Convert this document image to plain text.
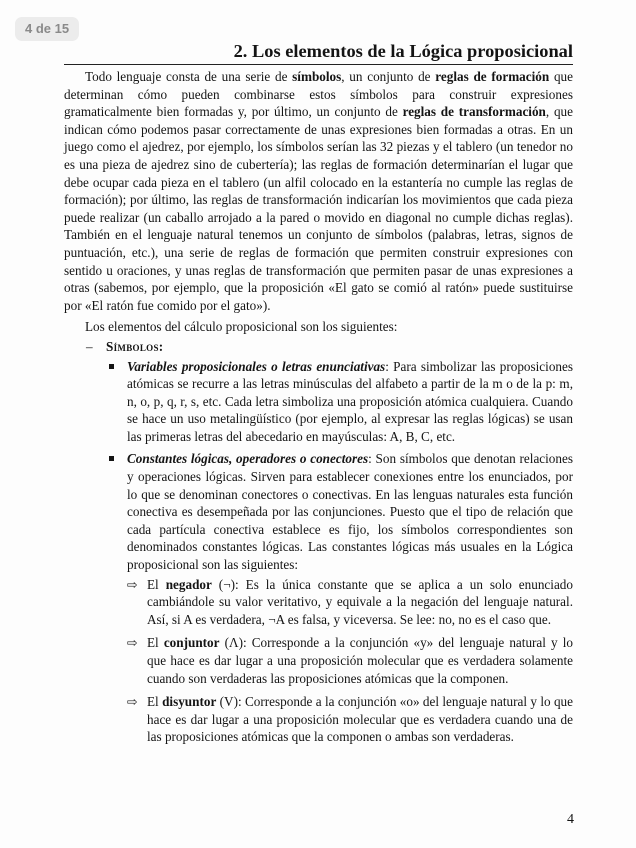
4 de 15
2. Los elementos de la Lógica proposicional

Todo lenguaje consta de una serie de símbolos, un conjunto de reglas de formación que determinan cómo pueden combinarse estos símbolos para construir expresiones gramaticalmente bien formadas y, por último, un conjunto de reglas de transformación, que indican cómo podemos pasar correctamente de unas expresiones bien formadas a otras. En un juego como el ajedrez, por ejemplo, los símbolos serían las 32 piezas y el tablero (un tenedor no es una pieza de ajedrez sino de cubertería); las reglas de formación determinarían el lugar que debe ocupar cada pieza en el tablero (un alfil colocado en la estantería no cumple las reglas de formación); por último, las reglas de transformación indicarían los movimientos que cada pieza puede realizar (un caballo arrojado a la pared o movido en diagonal no cumple dichas reglas). También en el lenguaje natural tenemos un conjunto de símbolos (palabras, letras, signos de puntuación, etc.), una serie de reglas de formación que permiten construir expresiones con sentido u oraciones, y unas reglas de transformación que permiten pasar de unas expresiones a otras (sabemos, por ejemplo, que la proposición «El gato se comió al ratón» puede sustituirse por «El ratón fue comido por el gato»).

Los elementos del cálculo proposicional son los siguientes:

– Símbolos:
Variables proposicionales o letras enunciativas: Para simbolizar las proposiciones atómicas se recurre a las letras minúsculas del alfabeto a partir de la m o de la p: m, n, o, p, q, r, s, etc. Cada letra simboliza una proposición atómica cualquiera. Cuando se hace un uso metalingüístico (por ejemplo, al expresar las reglas lógicas) se usan las primeras letras del abecedario en mayúsculas: A, B, C, etc.
Constantes lógicas, operadores o conectores: Son símbolos que denotan relaciones y operaciones lógicas. Sirven para establecer conexiones entre los enunciados, por lo que se denominan conectores o conectivas. En las lenguas naturales esta función conectiva es desempeñada por las conjunciones. Puesto que el tipo de relación que cada partícula conectiva establece es fijo, los símbolos correspondientes son denominados constantes lógicas. Las constantes lógicas más usuales en la Lógica proposicional son las siguientes:
⇨ El negador (¬): Es la única constante que se aplica a un solo enunciado cambiándole su valor veritativo, y equivale a la negación del lenguaje natural. Así, si A es verdadera, ¬A es falsa, y viceversa. Se lee: no, no es el caso que.
⇨ El conjuntor (Λ): Corresponde a la conjunción «y» del lenguaje natural y lo que hace es dar lugar a una proposición molecular que es verdadera solamente cuando son verdaderas las proposiciones atómicas que la componen.
⇨ El disyuntor (V): Corresponde a la conjunción «o» del lenguaje natural y lo que hace es dar lugar a una proposición molecular que es verdadera cuando una de las proposiciones atómicas que la componen o ambas son verdaderas.
4
